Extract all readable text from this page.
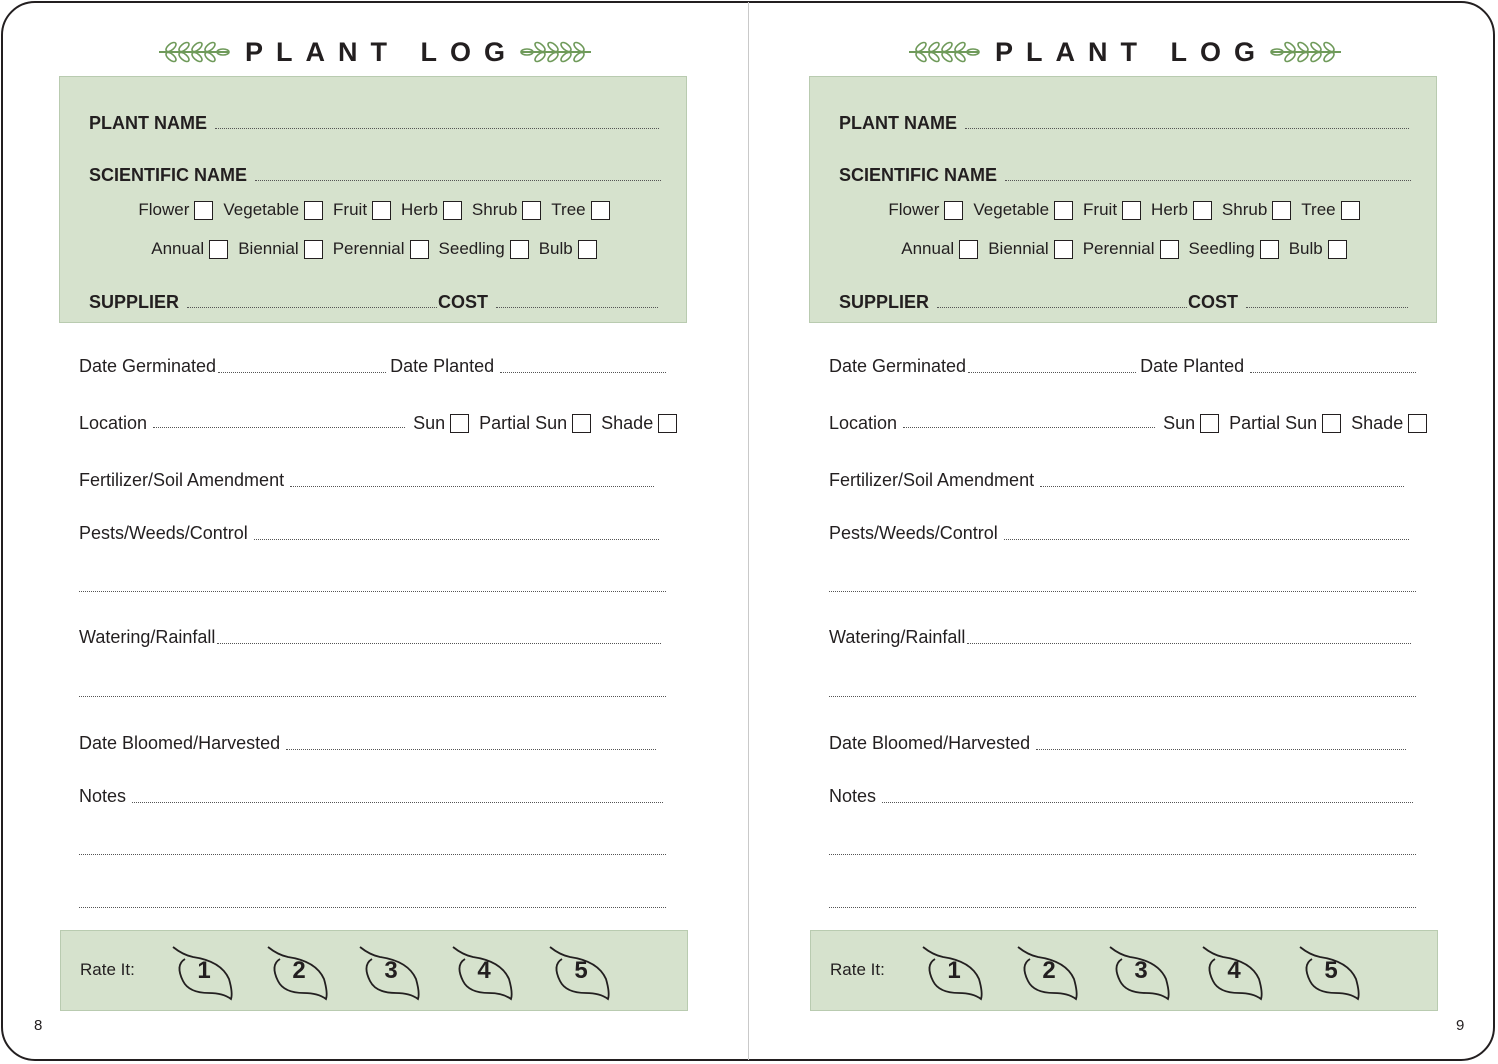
PLANT LOG
PLANT NAME
SCIENTIFIC NAME
Flower Vegetable Fruit Herb Shrub Tree
Annual Biennial Perennial Seedling Bulb
SUPPLIER	COST
Date Germinated	Date Planted
Location	Sun Partial Sun Shade
Fertilizer/Soil Amendment
Pests/Weeds/Control
Watering/Rainfall
Date Bloomed/Harvested
Notes
Rate It:	1	2	3	4	5
8
PLANT LOG
PLANT NAME
SCIENTIFIC NAME
Flower Vegetable Fruit Herb Shrub Tree
Annual Biennial Perennial Seedling Bulb
SUPPLIER	COST
Date Germinated	Date Planted
Location	Sun Partial Sun Shade
Fertilizer/Soil Amendment
Pests/Weeds/Control
Watering/Rainfall
Date Bloomed/Harvested
Notes
Rate It:	1	2	3	4	5
9
